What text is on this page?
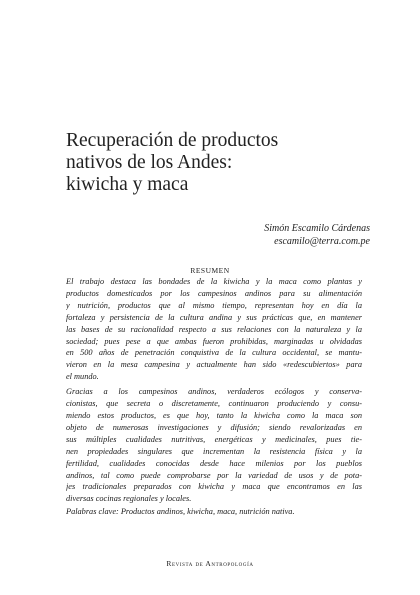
Recuperación de productos
nativos de los Andes:
kiwicha y maca
Simón Escamilo Cárdenas
escamilo@terra.com.pe
RESUMEN
El trabajo destaca las bondades de la kiwicha y la maca como plantas y
productos domesticados por los campesinos andinos para su alimentación
y nutrición, productos que al mismo tiempo, representan hoy en día la
fortaleza y persistencia de la cultura andina y sus prácticas que, en mantener
las bases de su racionalidad respecto a sus relaciones con la naturaleza y la
sociedad; pues pese a que ambas fueron prohibidas, marginadas u olvidadas
en 500 años de penetración conquistiva de la cultura occidental, se mantu-
vieron en la mesa campesina y actualmente han sido «redescubiertos» para
el mundo.
Gracias a los campesinos andinos, verdaderos ecólogos y conserva-
cionistas, que secreta o discretamente, continuaron produciendo y consu-
miendo estos productos, es que hoy, tanto la kiwicha como la maca son
objeto de numerosas investigaciones y difusión; siendo revalorizadas en
sus múltiples cualidades nutritivas, energéticas y medicinales, pues tie-
nen propiedades singulares que incrementan la resistencia física y la
fertilidad, cualidades conocidas desde hace milenios por los pueblos
andinos, tal como puede comprobarse por la variedad de usos y de pota-
jes tradicionales preparados con kiwicha y maca que encontramos en las
diversas cocinas regionales y locales.
Palabras clave: Productos andinos, kiwicha, maca, nutrición nativa.
Revista de Antropología
